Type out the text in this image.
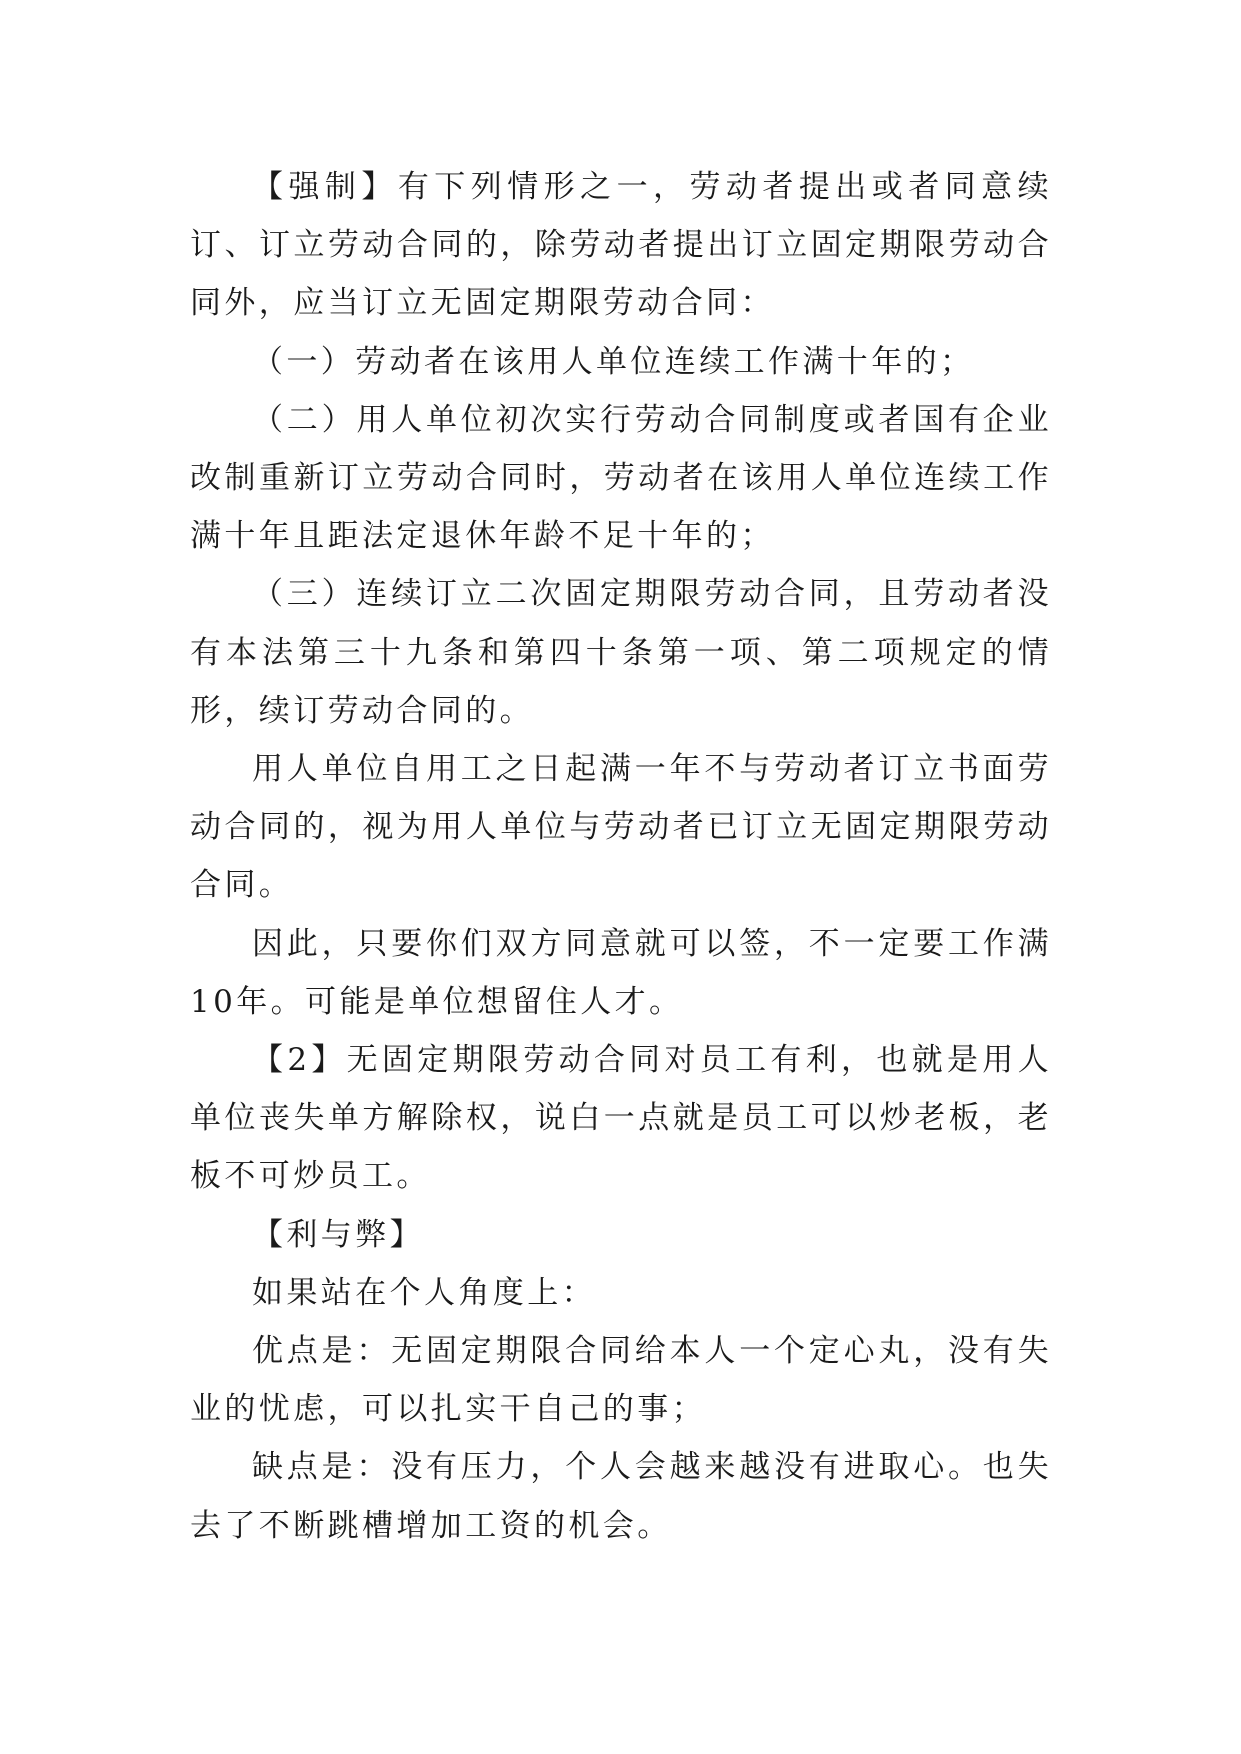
【强制】有下列情形之一，劳动者提出或者同意续订、订立劳动合同的，除劳动者提出订立固定期限劳动合同外，应当订立无固定期限劳动合同：

（一）劳动者在该用人单位连续工作满十年的；

（二）用人单位初次实行劳动合同制度或者国有企业改制重新订立劳动合同时，劳动者在该用人单位连续工作满十年且距法定退休年龄不足十年的；

（三）连续订立二次固定期限劳动合同，且劳动者没有本法第三十九条和第四十条第一项、第二项规定的情形，续订劳动合同的。

用人单位自用工之日起满一年不与劳动者订立书面劳动合同的，视为用人单位与劳动者已订立无固定期限劳动合同。

因此，只要你们双方同意就可以签，不一定要工作满10年。可能是单位想留住人才。

【2】无固定期限劳动合同对员工有利，也就是用人单位丧失单方解除权，说白一点就是员工可以炒老板，老板不可炒员工。

【利与弊】

如果站在个人角度上：

优点是：无固定期限合同给本人一个定心丸，没有失业的忧虑，可以扎实干自己的事；

缺点是：没有压力，个人会越来越没有进取心。也失去了不断跳槽增加工资的机会。
